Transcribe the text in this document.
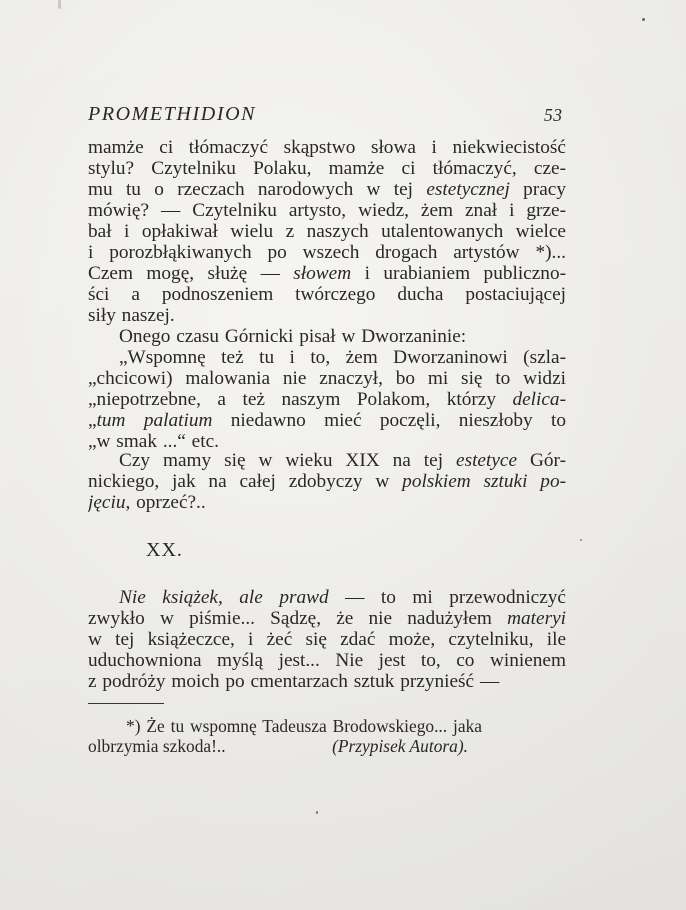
PROMETHIDION	53
mamże ci tłómaczyć skąpstwo słowa i niekwiecistość
stylu? Czytelniku Polaku, mamże ci tłómaczyć, cze-
mu tu o rzeczach narodowych w tej estetycznej pracy
mówię? — Czytelniku artysto, wiedz, żem znał i grze-
bał i opłakiwał wielu z naszych utalentowanych wielce
i porozbłąkiwanych po wszech drogach artystów *)...
Czem mogę, służę — słowem i urabianiem publiczno-
ści a podnoszeniem twórczego ducha postaciującej
siły naszej.
Onego czasu Górnicki pisał w Dworzaninie:
„Wspomnę też tu i to, żem Dworzaninowi (szla-
„chcicowi) malowania nie znaczył, bo mi się to widzi
„niepotrzebne, a też naszym Polakom, którzy delica-
„tum palatium niedawno mieć poczęli, nieszłoby to
„w smak ...“ etc.
Czy mamy się w wieku XIX na tej estetyce Gór-
nickiego, jak na całej zdobyczy w polskiem sztuki po-
jęciu, oprzeć?..
XX.
Nie książek, ale prawd — to mi przewodniczyć
zwykło w piśmie... Sądzę, że nie nadużyłem materyi
w tej książeczce, i żeć się zdać może, czytelniku, ile
uduchowniona myślą jest... Nie jest to, co winienem
z podróży moich po cmentarzach sztuk przynieść —
*) Że tu wspomnę Tadeusza Brodowskiego... jaka
olbrzymia szkoda!..	(Przypisek Autora).
